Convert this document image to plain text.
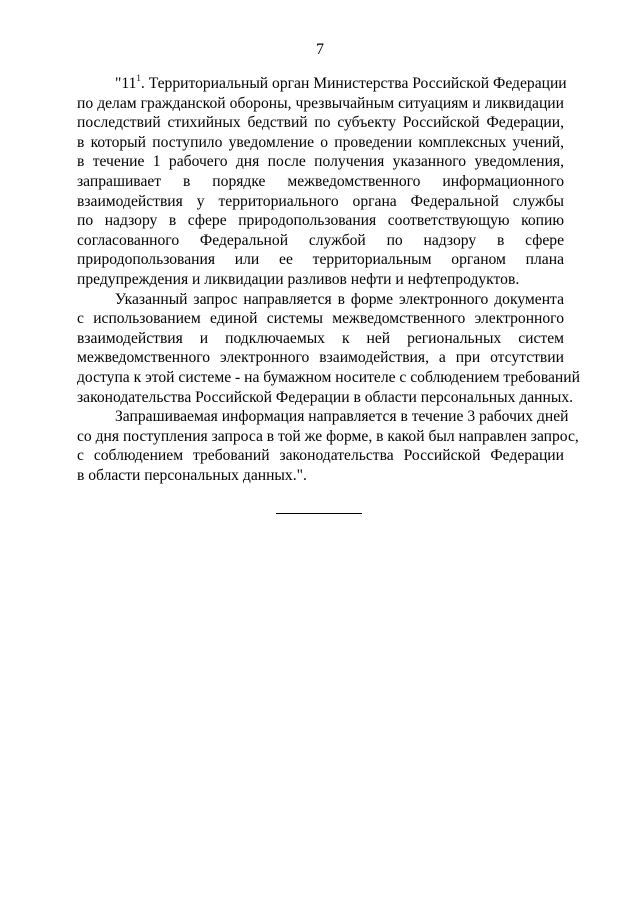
7

"$11^1$. Территориальный орган Министерства Российской Федерации
по делам гражданской обороны, чрезвычайным ситуациям и ликвидации
последствий стихийных бедствий по субъекту Российской Федерации,
в который поступило уведомление о проведении комплексных учений,
в течение 1 рабочего дня после получения указанного уведомления,
запрашивает в порядке межведомственного информационного
взаимодействия у территориального органа Федеральной службы
по надзору в сфере природопользования соответствующую копию
согласованного Федеральной службой по надзору в сфере
природопользования или ее территориальным органом плана
предупреждения и ликвидации разливов нефти и нефтепродуктов.

Указанный запрос направляется в форме электронного документа
с использованием единой системы межведомственного электронного
взаимодействия и подключаемых к ней региональных систем
межведомственного электронного взаимодействия, а при отсутствии
доступа к этой системе - на бумажном носителе с соблюдением требований
законодательства Российской Федерации в области персональных данных.

Запрашиваемая информация направляется в течение 3 рабочих дней
со дня поступления запроса в той же форме, в какой был направлен запрос,
с соблюдением требований законодательства Российской Федерации
в области персональных данных.".
